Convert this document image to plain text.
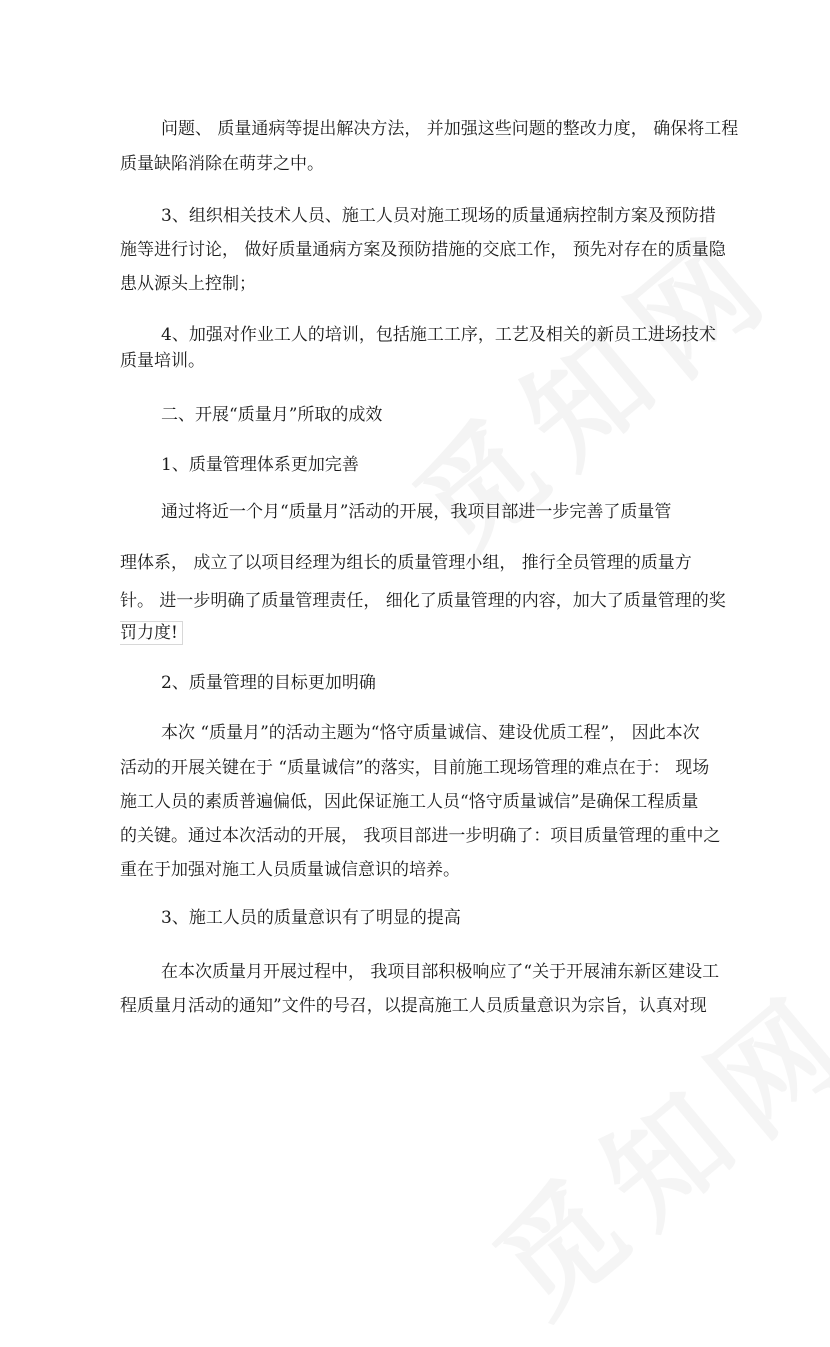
问题、 质量通病等提出解决方法， 并加强这些问题的整改力度， 确保将工程
质量缺陷消除在萌芽之中。
3、组织相关技术人员、施工人员对施工现场的质量通病控制方案及预防措
施等进行讨论， 做好质量通病方案及预防措施的交底工作， 预先对存在的质量隐
患从源头上控制；
4、加强对作业工人的培训，包括施工工序，工艺及相关的新员工进场技术
质量培训。
二、开展“质量月”所取的成效
1、质量管理体系更加完善
通过将近一个月“质量月”活动的开展，我项目部进一步完善了质量管
理体系， 成立了以项目经理为组长的质量管理小组， 推行全员管理的质量方
针。 进一步明确了质量管理责任， 细化了质量管理的内容，加大了质量管理的奖
罚力度!
2、质量管理的目标更加明确
本次 “质量月”的活动主题为“恪守质量诚信、建设优质工程”， 因此本次
活动的开展关键在于 “质量诚信”的落实，目前施工现场管理的难点在于： 现场
施工人员的素质普遍偏低，因此保证施工人员“恪守质量诚信”是确保工程质量
的关键。通过本次活动的开展， 我项目部进一步明确了：项目质量管理的重中之
重在于加强对施工人员质量诚信意识的培养。
3、施工人员的质量意识有了明显的提高
在本次质量月开展过程中， 我项目部积极响应了“关于开展浦东新区建设工
程质量月活动的通知”文件的号召，以提高施工人员质量意识为宗旨，认真对现
